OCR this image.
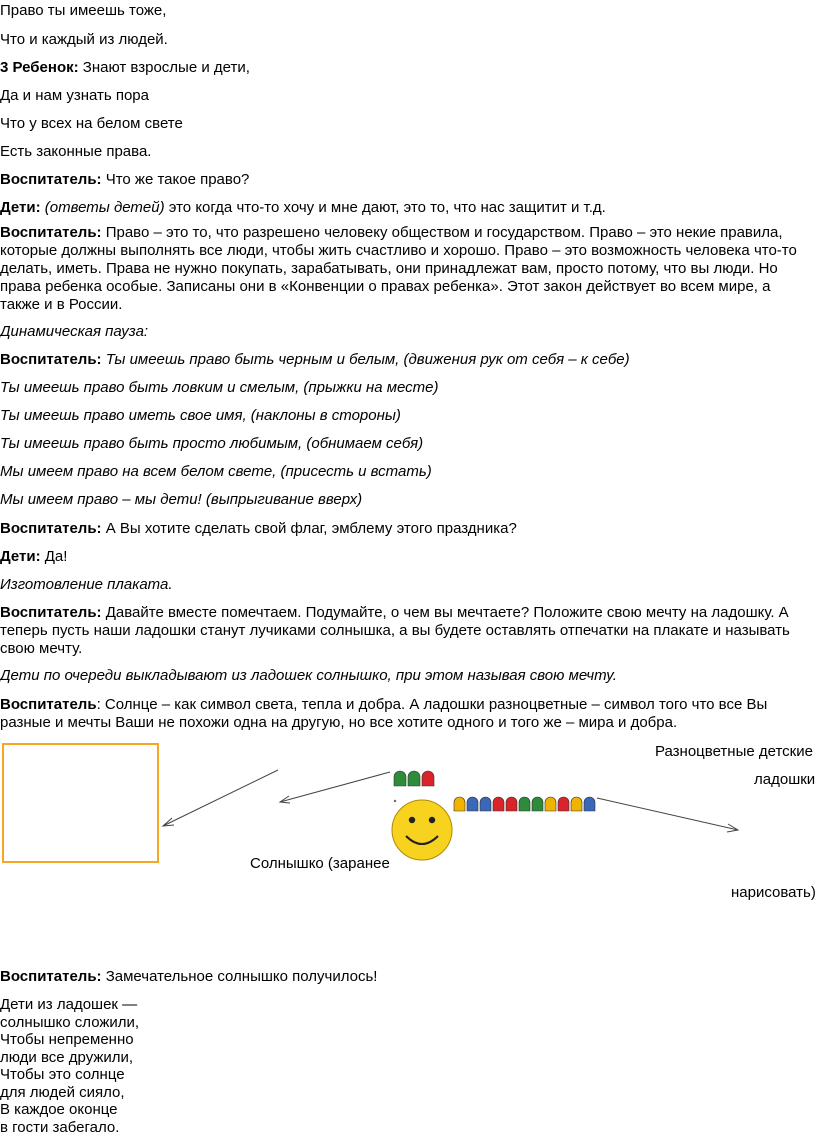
Право ты имеешь тоже,
Что и каждый из людей.
3 Ребенок: Знают взрослые и дети,
Да и нам узнать пора
Что у всех на белом свете
Есть законные права.
Воспитатель: Что же такое право?
Дети: (ответы детей) это когда что-то хочу и мне дают, это то, что нас защитит и т.д.
Воспитатель: Право – это то, что разрешено человеку обществом и государством. Право – это некие правила, которые должны выполнять все люди, чтобы жить счастливо и хорошо. Право – это возможность человека что-то делать, иметь. Права не нужно покупать, зарабатывать, они принадлежат вам, просто потому, что вы люди. Но права ребенка особые. Записаны они в «Конвенции о правах ребенка». Этот закон действует во всем мире, а также и в России.
Динамическая пауза:
Воспитатель: Ты имеешь право быть черным и белым, (движения рук от себя – к себе)
Ты имеешь право быть ловким и смелым, (прыжки на месте)
Ты имеешь право иметь свое имя, (наклоны в стороны)
Ты имеешь право быть просто любимым, (обнимаем себя)
Мы имеем право на всем белом свете, (присесть и встать)
Мы имеем право – мы дети! (выпрыгивание вверх)
Воспитатель: А Вы хотите сделать свой флаг, эмблему этого праздника?
Дети: Да!
Изготовление плаката.
Воспитатель: Давайте вместе помечтаем. Подумайте, о чем вы мечтаете? Положите свою мечту на ладошку. А теперь пусть наши ладошки станут лучиками солнышка, а вы будете оставлять отпечатки на плакате и называть свою мечту.
Дети по очереди выкладывают из ладошек солнышко, при этом называя свою мечту.
Воспитатель: Солнце – как символ света, тепла и добра. А ладошки разноцветные – символ того что все Вы разные и мечты Ваши не похожи одна на другую, но все хотите одного и того же – мира и добра.
Разноцветные детские
ладошки
Солнышко (заранее
нарисовать)
Воспитатель: Замечательное солнышко получилось!
Дети из ладошек —
солнышко сложили,
Чтобы непременно
люди все дружили,
Чтобы это солнце
для людей сияло,
В каждое оконце
в гости забегало.
